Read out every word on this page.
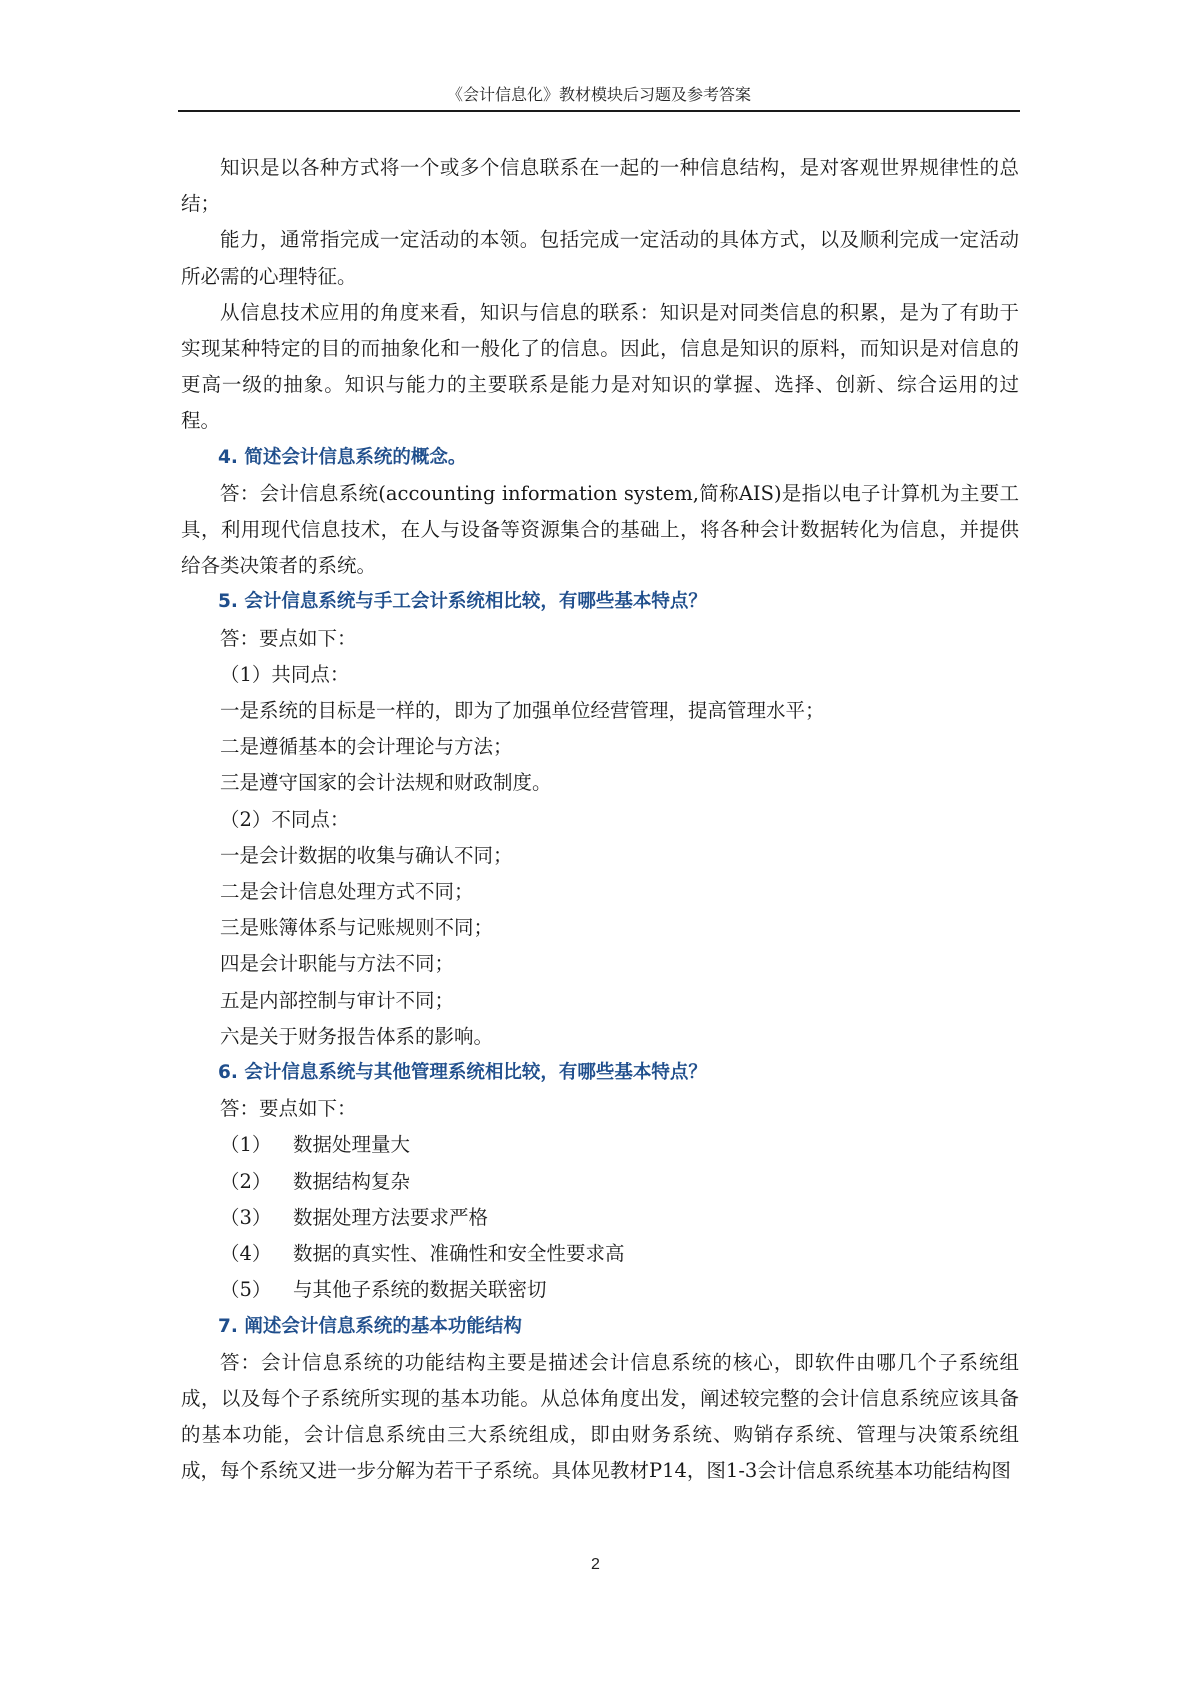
《会计信息化》教材模块后习题及参考答案

知识是以各种方式将一个或多个信息联系在一起的一种信息结构，是对客观世界规律性的总结；

能力，通常指完成一定活动的本领。包括完成一定活动的具体方式，以及顺利完成一定活动所必需的心理特征。

从信息技术应用的角度来看，知识与信息的联系：知识是对同类信息的积累，是为了有助于实现某种特定的目的而抽象化和一般化了的信息。因此，信息是知识的原料，而知识是对信息的更高一级的抽象。知识与能力的主要联系是能力是对知识的掌握、选择、创新、综合运用的过程。

4. 简述会计信息系统的概念。

答：会计信息系统(accounting information system,简称AIS)是指以电子计算机为主要工具，利用现代信息技术，在人与设备等资源集合的基础上，将各种会计数据转化为信息，并提供给各类决策者的系统。

5. 会计信息系统与手工会计系统相比较，有哪些基本特点？

答：要点如下：

（1）共同点：

一是系统的目标是一样的，即为了加强单位经营管理，提高管理水平；

二是遵循基本的会计理论与方法；

三是遵守国家的会计法规和财政制度。

（2）不同点：

一是会计数据的收集与确认不同；

二是会计信息处理方式不同；

三是账簿体系与记账规则不同；

四是会计职能与方法不同；

五是内部控制与审计不同；

六是关于财务报告体系的影响。

6. 会计信息系统与其他管理系统相比较，有哪些基本特点？

答：要点如下：

（1）	数据处理量大

（2）	数据结构复杂

（3）	数据处理方法要求严格

（4）	数据的真实性、准确性和安全性要求高

（5）	与其他子系统的数据关联密切

7. 阐述会计信息系统的基本功能结构

答：会计信息系统的功能结构主要是描述会计信息系统的核心，即软件由哪几个子系统组成，以及每个子系统所实现的基本功能。从总体角度出发，阐述较完整的会计信息系统应该具备的基本功能，会计信息系统由三大系统组成，即由财务系统、购销存系统、管理与决策系统组成，每个系统又进一步分解为若干子系统。具体见教材P14，图1-3会计信息系统基本功能结构图

2
